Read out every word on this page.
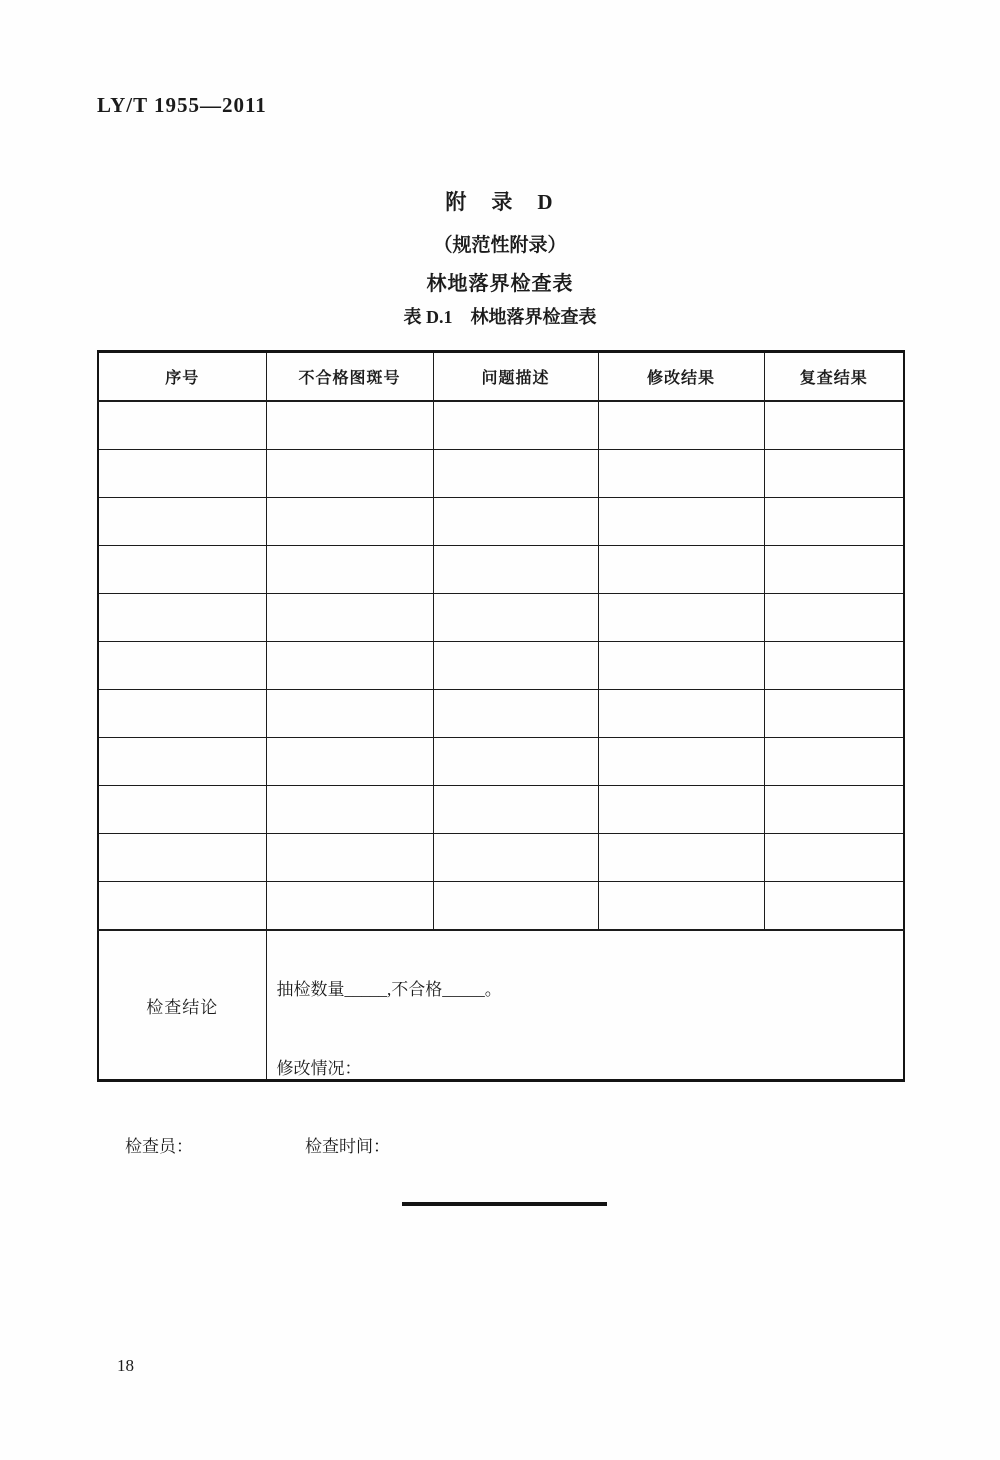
LY/T 1955—2011
附　录　D
（规范性附录）
林地落界检查表
表 D.1　林地落界检查表
序号	不合格图斑号	问题描述	修改结果	复查结果

检查结论	抽检数量_____,不合格_____。
修改情况：			
检查员：	检查时间：
18
